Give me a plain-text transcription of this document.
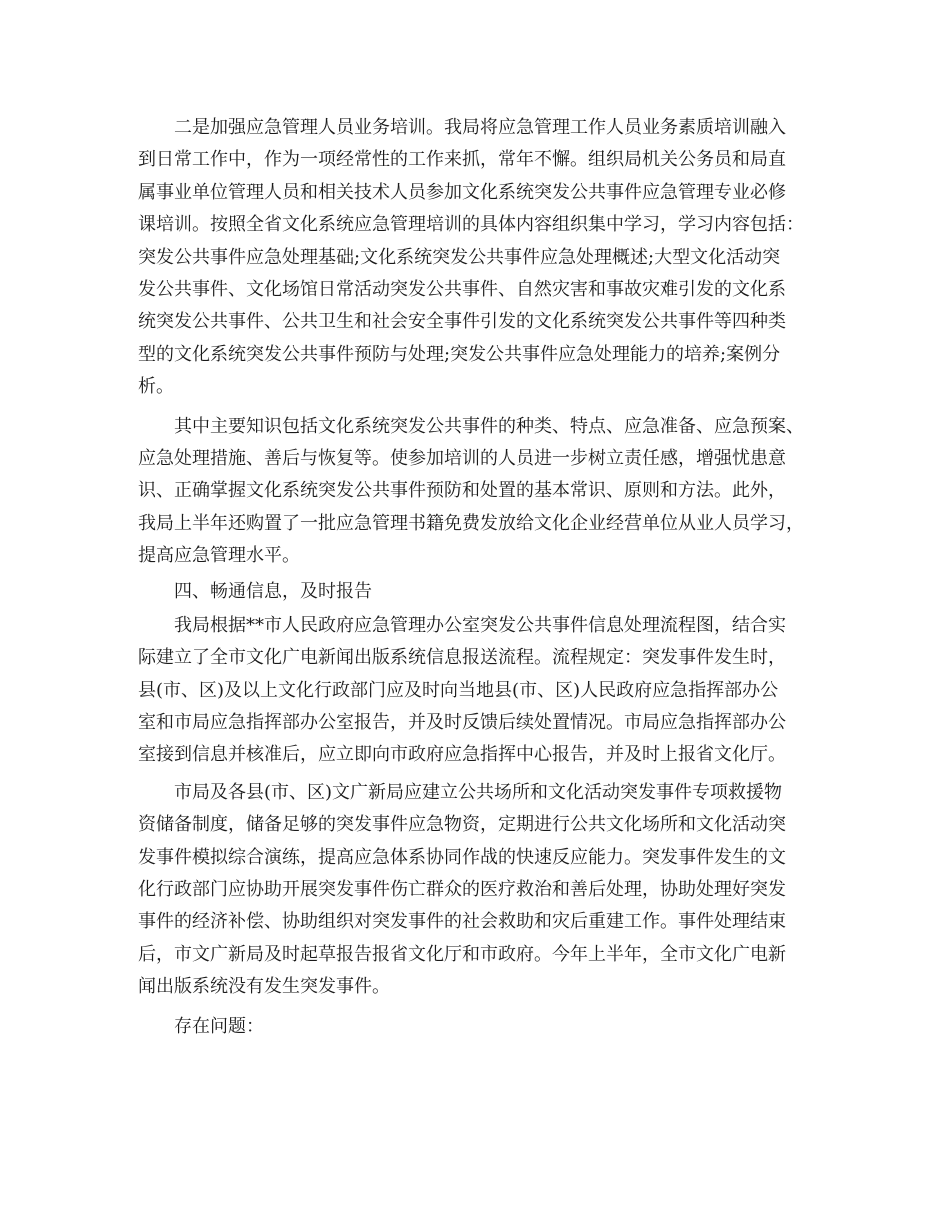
二是加强应急管理人员业务培训。我局将应急管理工作人员业务素质培训融入
到日常工作中，作为一项经常性的工作来抓，常年不懈。组织局机关公务员和局直
属事业单位管理人员和相关技术人员参加文化系统突发公共事件应急管理专业必修
课培训。按照全省文化系统应急管理培训的具体内容组织集中学习，学习内容包括：
突发公共事件应急处理基础;文化系统突发公共事件应急处理概述;大型文化活动突
发公共事件、文化场馆日常活动突发公共事件、自然灾害和事故灾难引发的文化系
统突发公共事件、公共卫生和社会安全事件引发的文化系统突发公共事件等四种类
型的文化系统突发公共事件预防与处理;突发公共事件应急处理能力的培养;案例分
析。

其中主要知识包括文化系统突发公共事件的种类、特点、应急准备、应急预案、
应急处理措施、善后与恢复等。使参加培训的人员进一步树立责任感，增强忧患意
识、正确掌握文化系统突发公共事件预防和处置的基本常识、原则和方法。此外，
我局上半年还购置了一批应急管理书籍免费发放给文化企业经营单位从业人员学习，
提高应急管理水平。

四、畅通信息，及时报告

我局根据**市人民政府应急管理办公室突发公共事件信息处理流程图，结合实
际建立了全市文化广电新闻出版系统信息报送流程。流程规定：突发事件发生时，
县(市、区)及以上文化行政部门应及时向当地县(市、区)人民政府应急指挥部办公
室和市局应急指挥部办公室报告，并及时反馈后续处置情况。市局应急指挥部办公
室接到信息并核准后，应立即向市政府应急指挥中心报告，并及时上报省文化厅。

市局及各县(市、区)文广新局应建立公共场所和文化活动突发事件专项救援物
资储备制度，储备足够的突发事件应急物资，定期进行公共文化场所和文化活动突
发事件模拟综合演练，提高应急体系协同作战的快速反应能力。突发事件发生的文
化行政部门应协助开展突发事件伤亡群众的医疗救治和善后处理，协助处理好突发
事件的经济补偿、协助组织对突发事件的社会救助和灾后重建工作。事件处理结束
后，市文广新局及时起草报告报省文化厅和市政府。今年上半年，全市文化广电新
闻出版系统没有发生突发事件。

存在问题：
